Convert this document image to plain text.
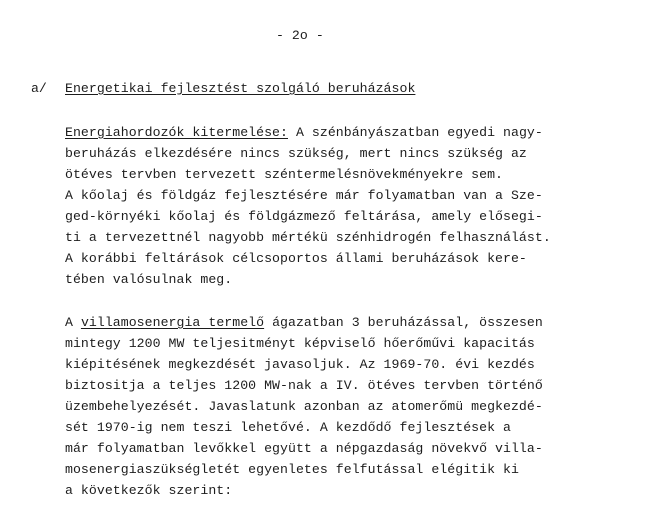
- 2o -
a/ Energetikai fejlesztést szolgáló beruházások
Energiahordozók kitermelése: A szénbányászatban egyedi nagy-
beruházás elkezdésére nincs szükség, mert nincs szükség az
ötéves tervben tervezett széntermelésnövekményekre sem.
A kőolaj és földgáz fejlesztésére már folyamatban van a Sze-
ged-környéki kőolaj és földgázmező feltárása, amely elősegi-
ti a tervezettnél nagyobb mértékü szénhidrogén felhasználást.
A korábbi feltárások célcsoportos állami beruházások kere-
tében valósulnak meg.
A villamosenergia termelő ágazatban 3 beruházással, összesen
mintegy 1200 MW teljesitményt képviselő hőerőművi kapacitás
kiépitésének megkezdését javasoljuk. Az 1969-70. évi kezdés
biztositja a teljes 1200 MW-nak a IV. ötéves tervben történő
üzembehelyezését. Javaslatunk azonban az atomerőmü megkezdé-
sét 1970-ig nem teszi lehetővé. A kezdődő fejlesztések a
már folyamatban levőkkel együtt a népgazdaság növekvő villa-
mosenergiaszükségletét egyenletes felfutással elégitik ki
a következők szerint:
